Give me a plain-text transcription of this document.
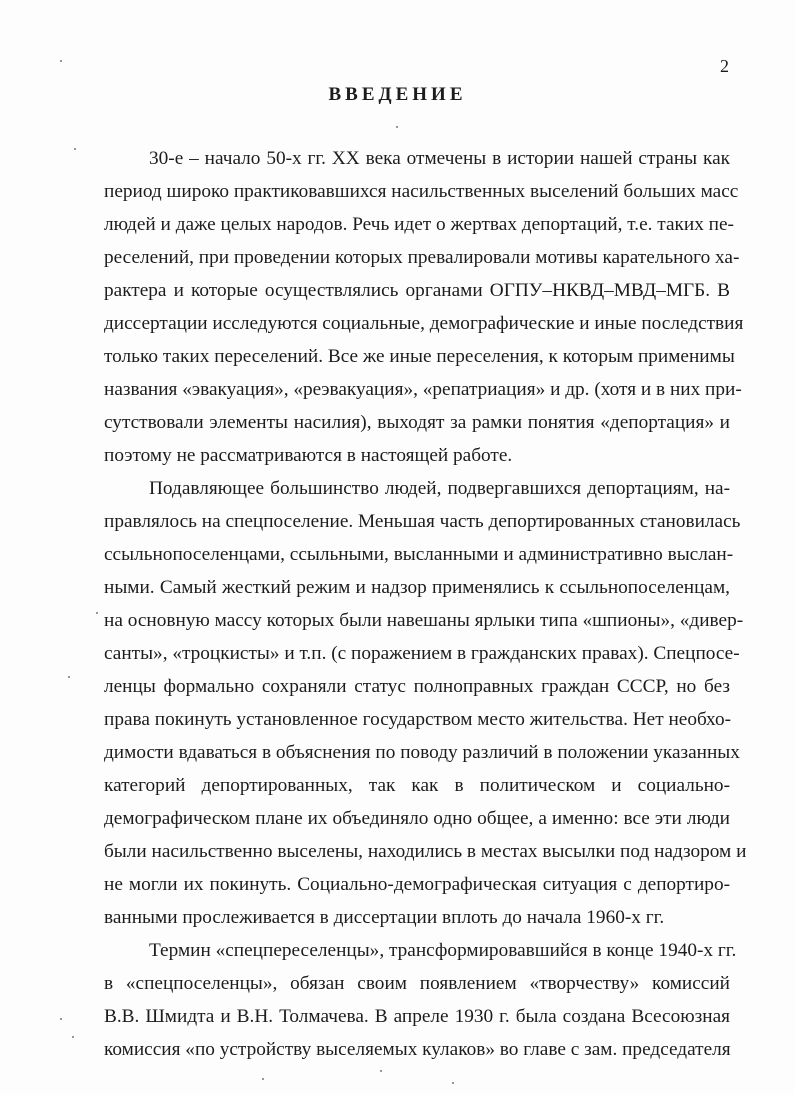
2
ВВЕДЕНИЕ
30-е – начало 50-х гг. XX века отмечены в истории нашей страны как
период широко практиковавшихся насильственных выселений больших масс
людей и даже целых народов. Речь идет о жертвах депортаций, т.е. таких пе-
реселений, при проведении которых превалировали мотивы карательного ха-
рактера и которые осуществлялись органами ОГПУ–НКВД–МВД–МГБ. В
диссертации исследуются социальные, демографические и иные последствия
только таких переселений. Все же иные переселения, к которым применимы
названия «эвакуация», «реэвакуация», «репатриация» и др. (хотя и в них при-
сутствовали элементы насилия), выходят за рамки понятия «депортация» и
поэтому не рассматриваются в настоящей работе.
Подавляющее большинство людей, подвергавшихся депортациям, на-
правлялось на спецпоселение. Меньшая часть депортированных становилась
ссыльнопоселенцами, ссыльными, высланными и административно выслан-
ными. Самый жесткий режим и надзор применялись к ссыльнопоселенцам,
на основную массу которых были навешаны ярлыки типа «шпионы», «дивер-
санты», «троцкисты» и т.п. (с поражением в гражданских правах). Спецпосе-
ленцы формально сохраняли статус полноправных граждан СССР, но без
права покинуть установленное государством место жительства. Нет необхо-
димости вдаваться в объяснения по поводу различий в положении указанных
категорий депортированных, так как в политическом и социально-
демографическом плане их объединяло одно общее, а именно: все эти люди
были насильственно выселены, находились в местах высылки под надзором и
не могли их покинуть. Социально-демографическая ситуация с депортиро-
ванными прослеживается в диссертации вплоть до начала 1960-х гг.
Термин «спецпереселенцы», трансформировавшийся в конце 1940-х гг.
в «спецпоселенцы», обязан своим появлением «творчеству» комиссий
В.В. Шмидта и В.Н. Толмачева. В апреле 1930 г. была создана Всесоюзная
комиссия «по устройству выселяемых кулаков» во главе с зам. председателя
